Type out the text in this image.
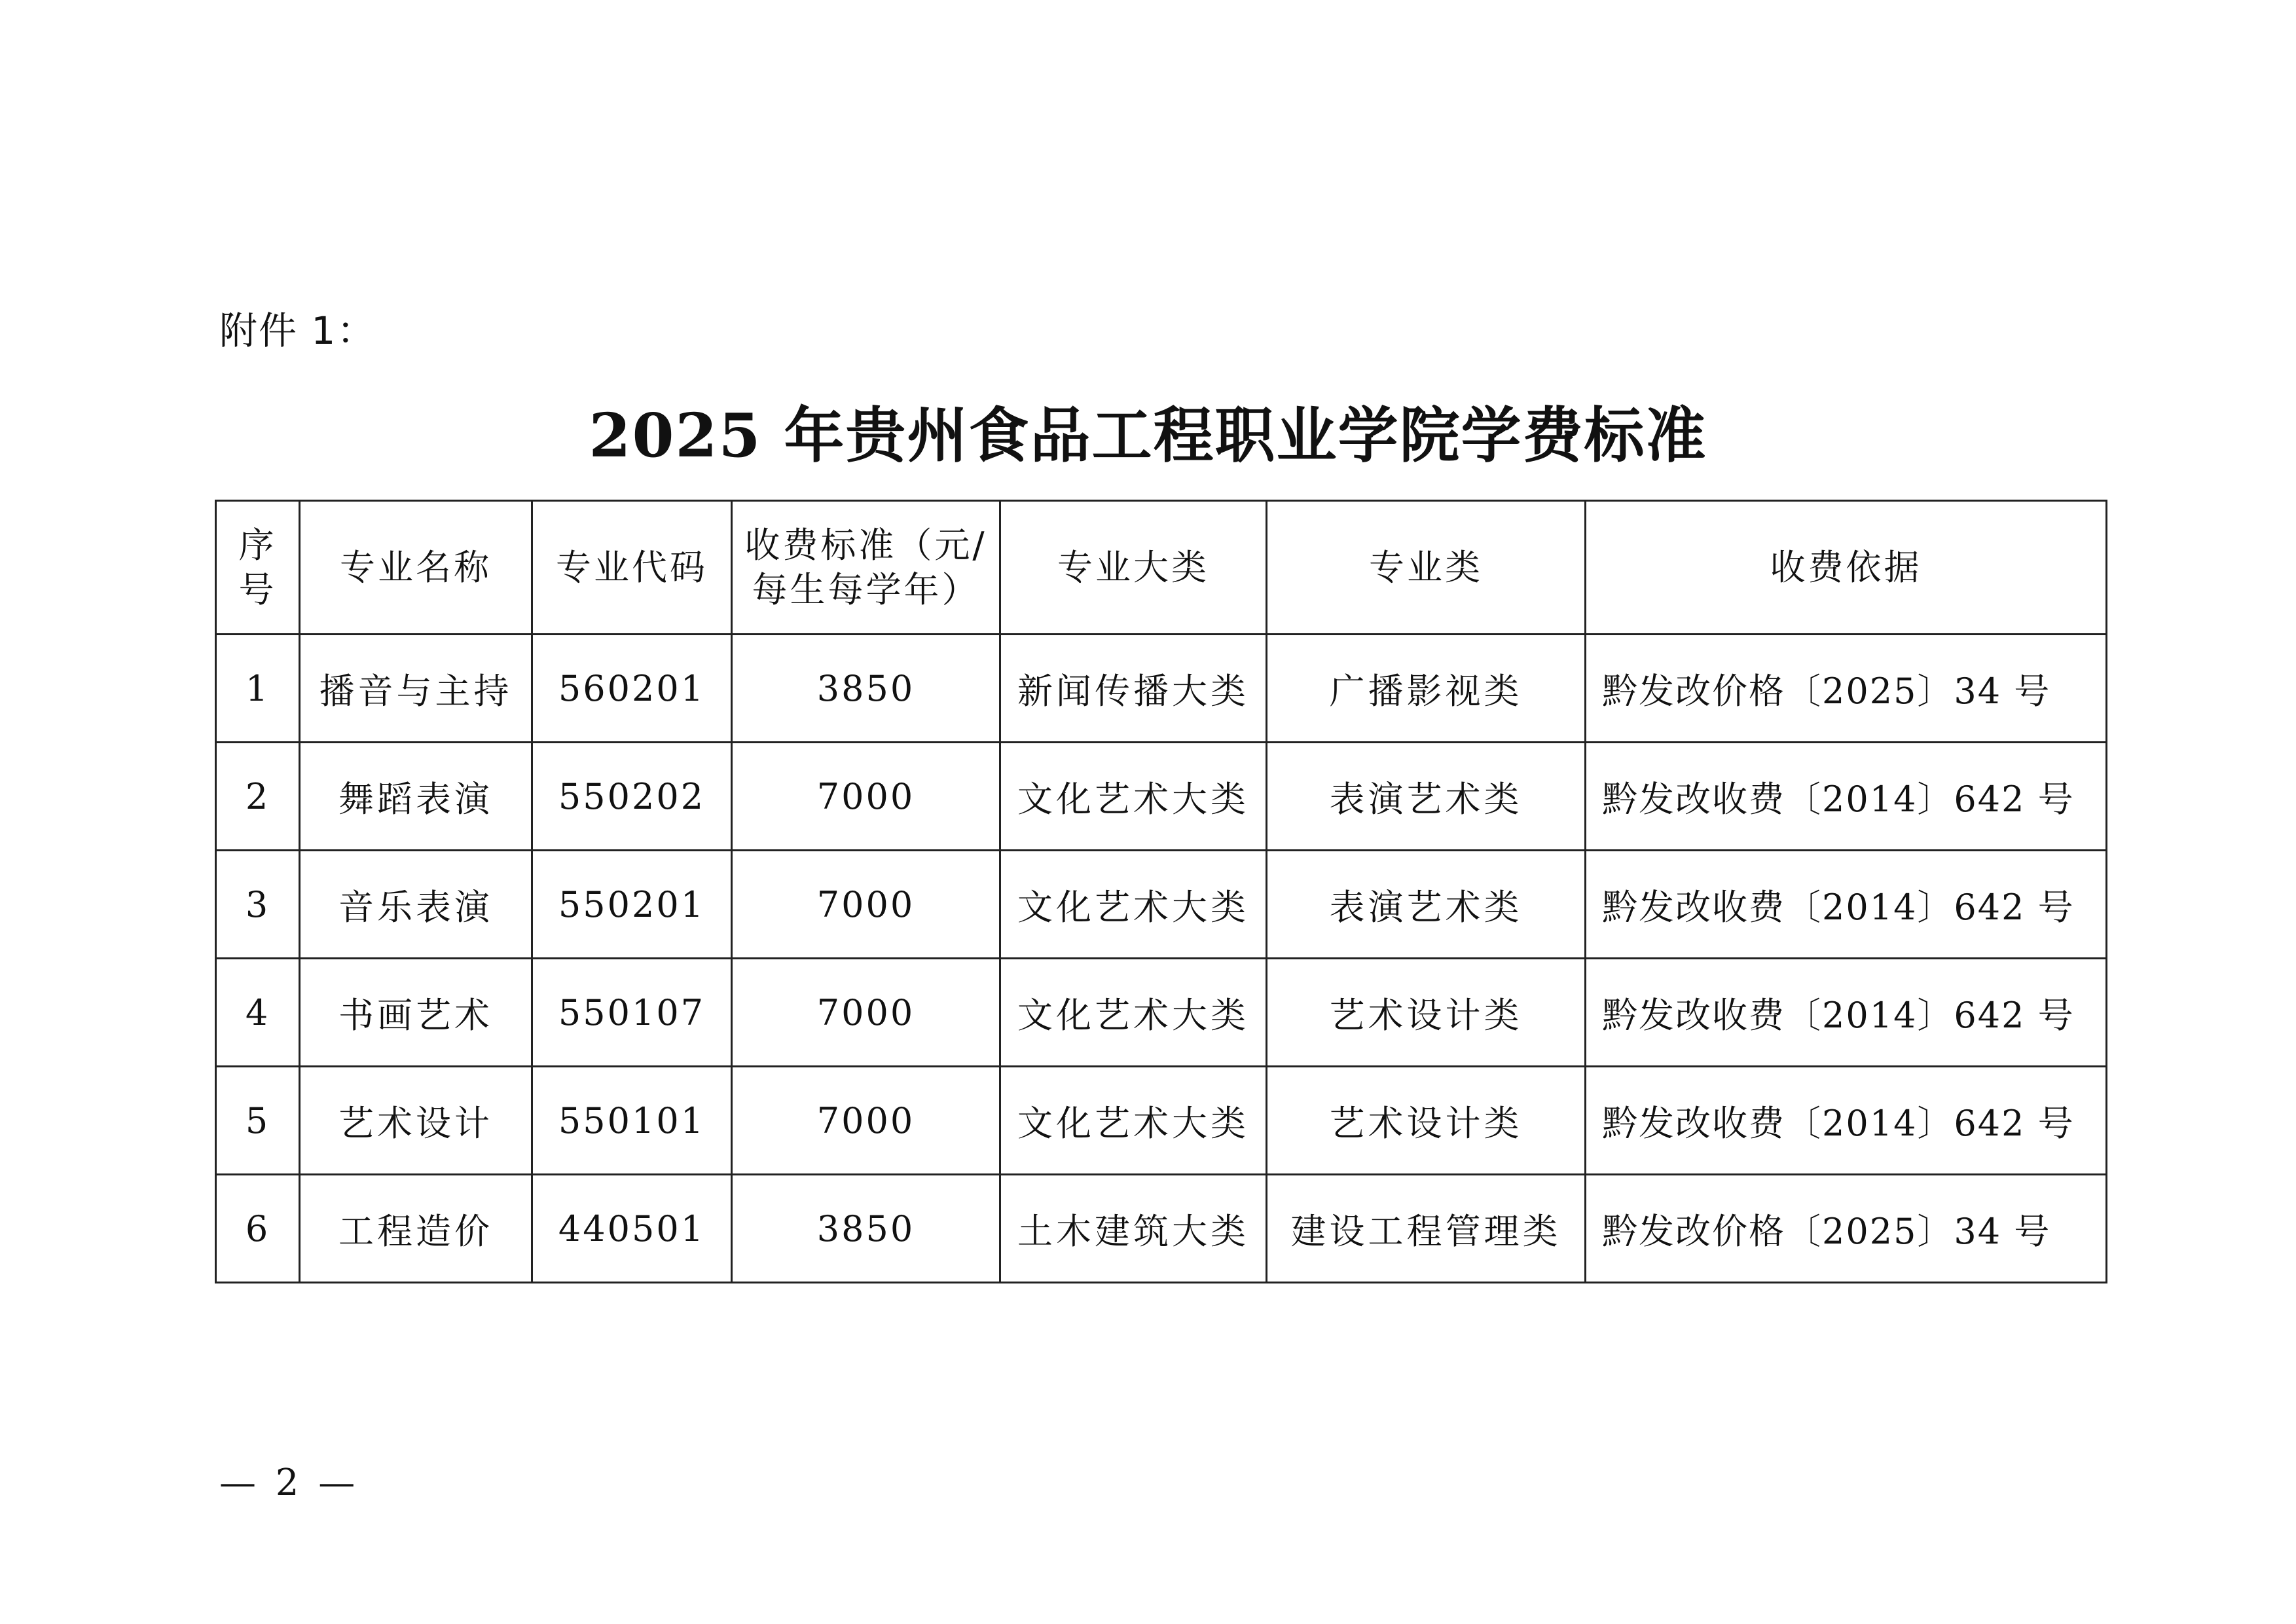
附件 1：
2025 年贵州食品工程职业学院学费标准
序号	专业名称	专业代码	收费标准（元/每生每学年）	专业大类	专业类	收费依据
1	播音与主持	560201	3850	新闻传播大类	广播影视类	黔发改价格〔2025〕34 号
2	舞蹈表演	550202	7000	文化艺术大类	表演艺术类	黔发改收费〔2014〕642 号
3	音乐表演	550201	7000	文化艺术大类	表演艺术类	黔发改收费〔2014〕642 号
4	书画艺术	550107	7000	文化艺术大类	艺术设计类	黔发改收费〔2014〕642 号
5	艺术设计	550101	7000	文化艺术大类	艺术设计类	黔发改收费〔2014〕642 号
6	工程造价	440501	3850	土木建筑大类	建设工程管理类	黔发改价格〔2025〕34 号
— 2 —
